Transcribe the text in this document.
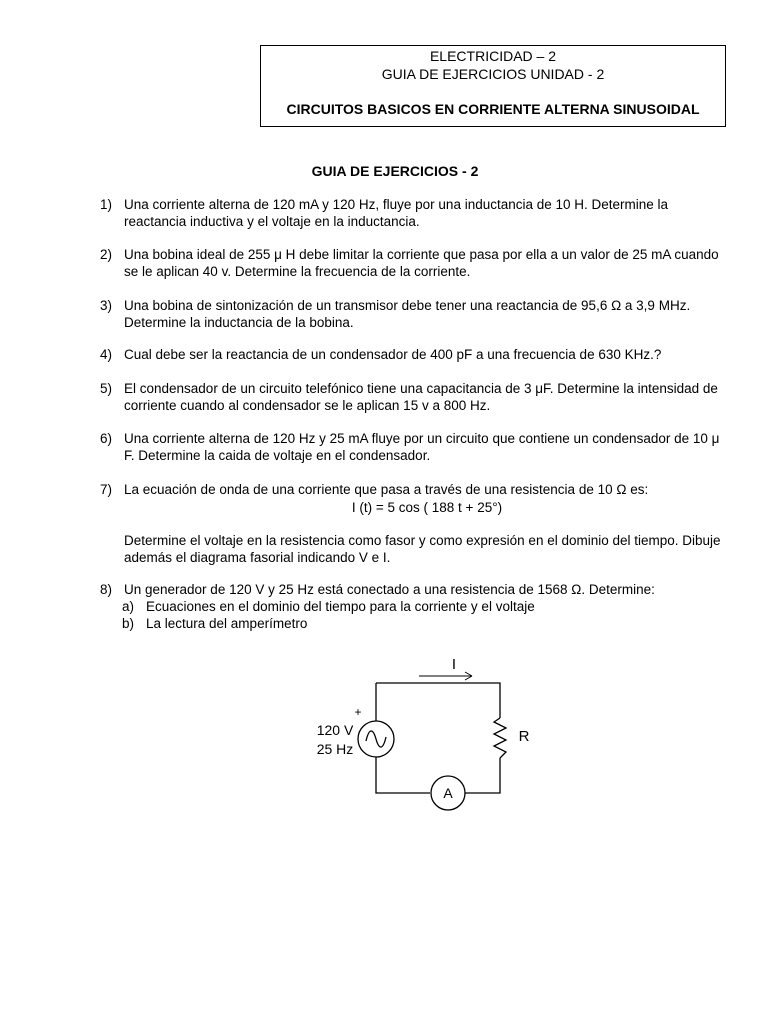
ELECTRICIDAD – 2
GUIA DE EJERCICIOS UNIDAD - 2
CIRCUITOS BASICOS EN CORRIENTE ALTERNA SINUSOIDAL
GUIA DE EJERCICIOS - 2
1) Una corriente alterna de 120 mA y 120 Hz, fluye por una inductancia de 10 H. Determine la reactancia inductiva y el voltaje en la inductancia.
2) Una bobina ideal de 255 μ H debe limitar la corriente que pasa por ella a un valor de 25 mA cuando se le aplican 40 v. Determine la frecuencia de la corriente.
3) Una bobina de sintonización de un transmisor debe tener una reactancia de 95,6 Ω a 3,9 MHz. Determine la inductancia de la bobina.
4) Cual debe ser la reactancia de un condensador de 400 pF a una frecuencia de 630 KHz.?
5) El condensador de un circuito telefónico tiene una capacitancia de 3 μF. Determine la intensidad de corriente cuando al condensador se le aplican 15 v a 800 Hz.
6) Una corriente alterna de 120 Hz y 25 mA fluye por un circuito que contiene un condensador de 10 μ F. Determine la caida de voltaje en el condensador.
7) La ecuación de onda de una corriente que pasa a través de una resistencia de 10 Ω es:
I (t) = 5 cos ( 188 t + 25°)
Determine el voltaje en la resistencia como fasor y como expresión en el dominio del tiempo. Dibuje además el diagrama fasorial indicando V e I.
8) Un generador de 120 V y 25 Hz está conectado a una resistencia de 1568 Ω. Determine:
a) Ecuaciones en el dominio del tiempo para la corriente y el voltaje
b) La lectura del amperímetro
I
+
120 V
25 Hz
R
A
